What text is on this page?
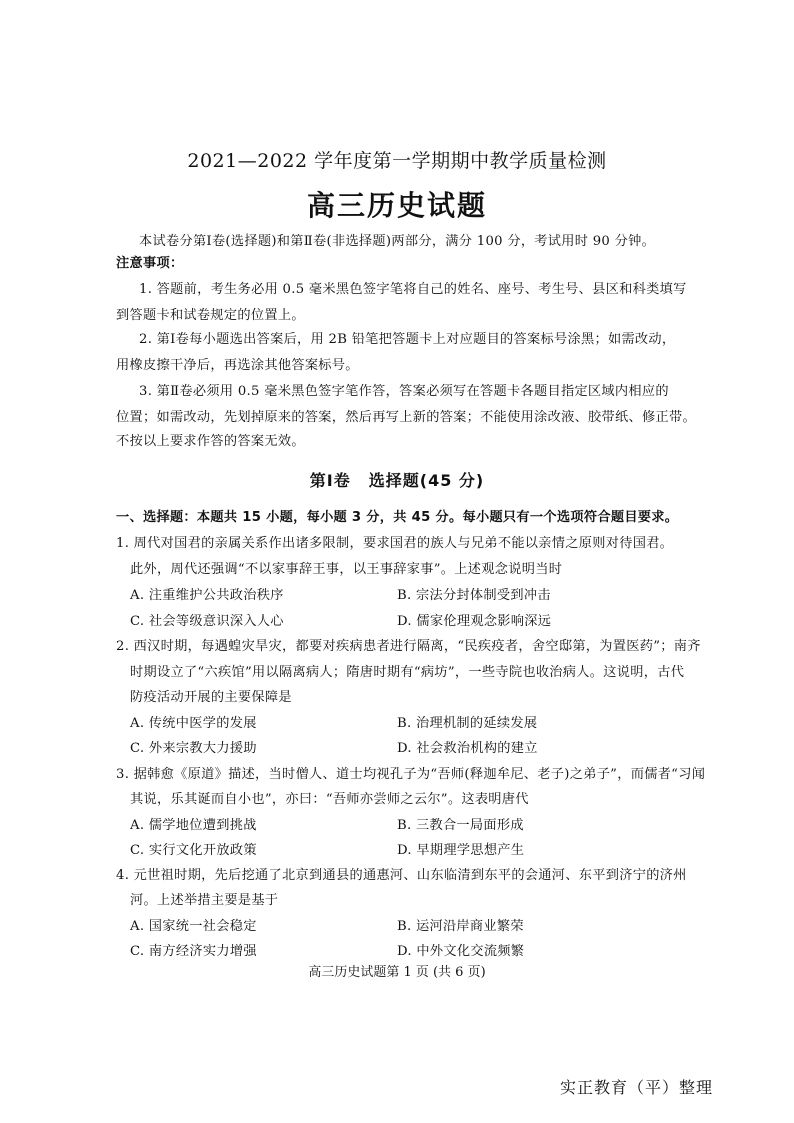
2021—2022 学年度第一学期期中教学质量检测
高三历史试题
本试卷分第Ⅰ卷(选择题)和第Ⅱ卷(非选择题)两部分，满分 100 分，考试用时 90 分钟。
注意事项：
1. 答题前，考生务必用 0.5 毫米黑色签字笔将自己的姓名、座号、考生号、县区和科类填写
到答题卡和试卷规定的位置上。
2. 第Ⅰ卷每小题选出答案后，用 2B 铅笔把答题卡上对应题目的答案标号涂黑；如需改动，
用橡皮擦干净后，再选涂其他答案标号。
3. 第Ⅱ卷必须用 0.5 毫米黑色签字笔作答，答案必须写在答题卡各题目指定区域内相应的
位置；如需改动，先划掉原来的答案，然后再写上新的答案；不能使用涂改液、胶带纸、修正带。
不按以上要求作答的答案无效。
第Ⅰ卷 选择题(45 分)
一、选择题：本题共 15 小题，每小题 3 分，共 45 分。每小题只有一个选项符合题目要求。
1. 周代对国君的亲属关系作出诸多限制，要求国君的族人与兄弟不能以亲情之原则对待国君。
此外，周代还强调“不以家事辞王事，以王事辞家事”。上述观念说明当时
A. 注重维护公共政治秩序	B. 宗法分封体制受到冲击
C. 社会等级意识深入人心	D. 儒家伦理观念影响深远
2. 西汉时期，每遇蝗灾旱灾，都要对疾病患者进行隔离，“民疾疫者，舍空邸第，为置医药”；南齐
时期设立了“六疾馆”用以隔离病人；隋唐时期有“病坊”，一些寺院也收治病人。这说明，古代
防疫活动开展的主要保障是
A. 传统中医学的发展	B. 治理机制的延续发展
C. 外来宗教大力援助	D. 社会救治机构的建立
3. 据韩愈《原道》描述，当时僧人、道士均视孔子为“吾师(释迦牟尼、老子)之弟子”，而儒者“习闻
其说，乐其诞而自小也”，亦曰：“吾师亦尝师之云尔”。这表明唐代
A. 儒学地位遭到挑战	B. 三教合一局面形成
C. 实行文化开放政策	D. 早期理学思想产生
4. 元世祖时期，先后挖通了北京到通县的通惠河、山东临清到东平的会通河、东平到济宁的济州
河。上述举措主要是基于
A. 国家统一社会稳定	B. 运河沿岸商业繁荣
C. 南方经济实力增强	D. 中外文化交流频繁
高三历史试题第 1 页 (共 6 页)
实正教育（平）整理
